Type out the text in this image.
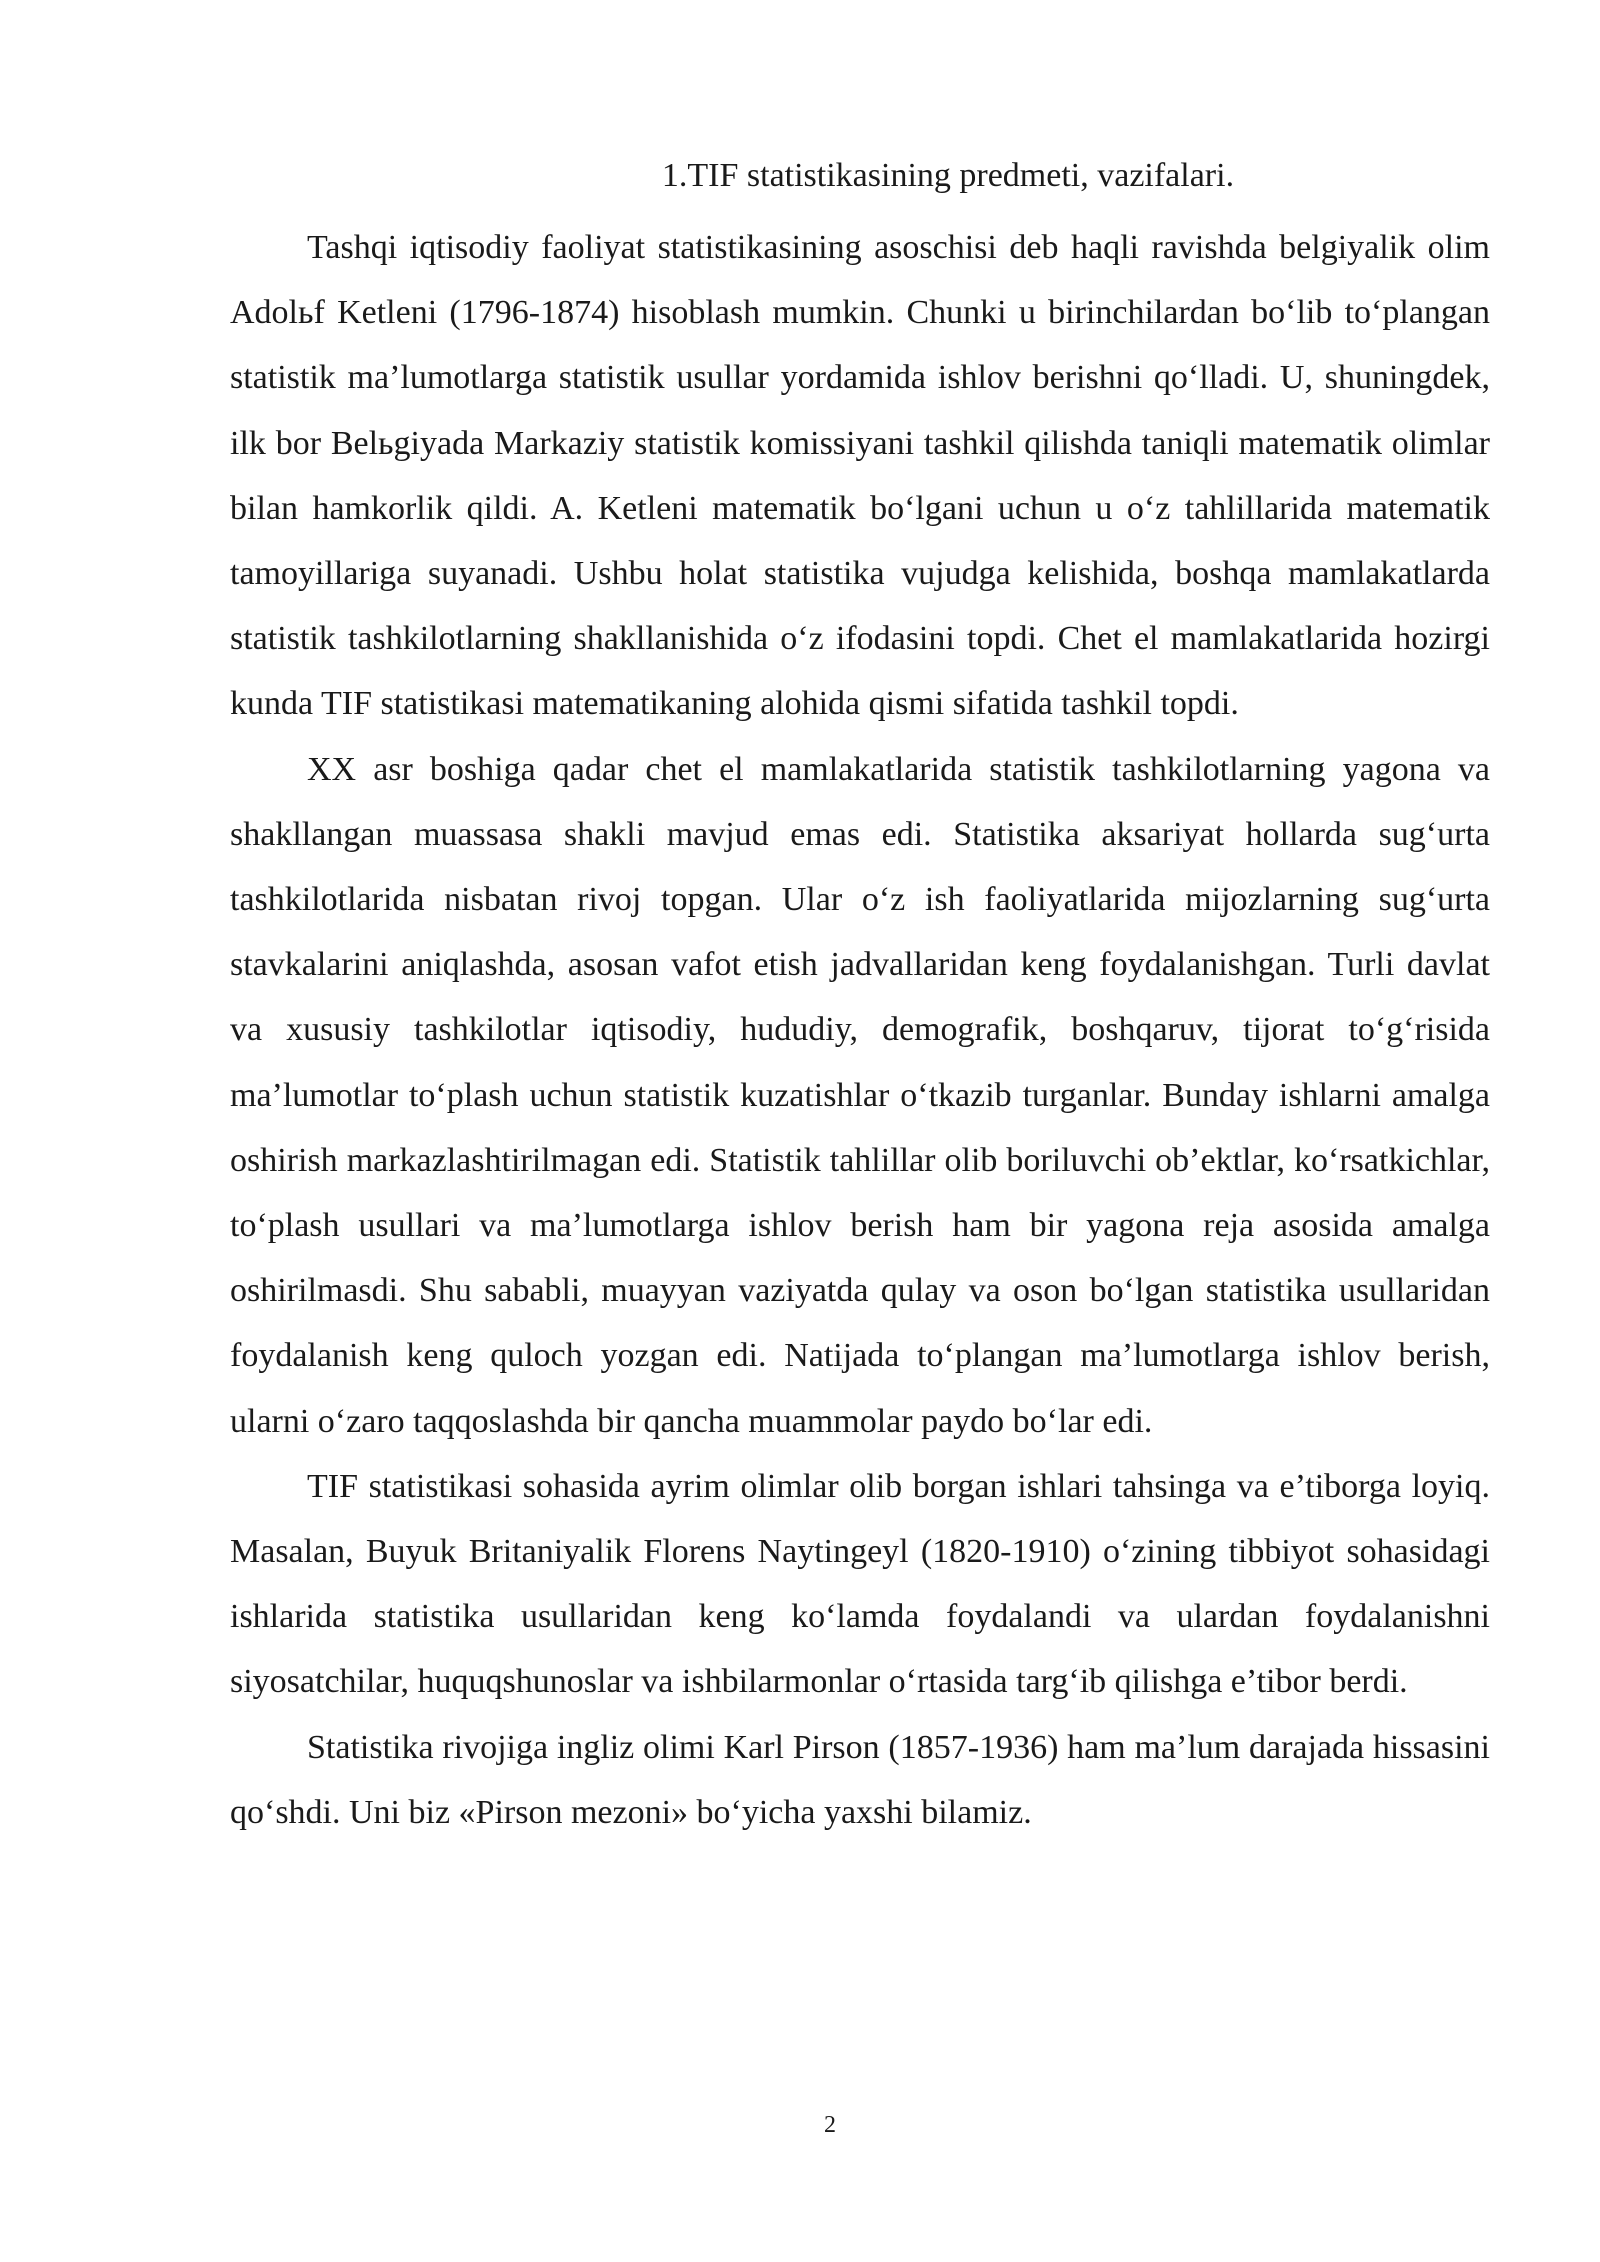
1.TIF statistikasining predmeti, vazifalari.

Tashqi iqtisodiy faoliyat statistikasining asoschisi deb haqli ravishda belgiyalik olim Adolьf Ketleni (1796-1874) hisoblash mumkin. Chunki u birinchilardan bo‘lib to‘plangan statistik ma’lumotlarga statistik usullar yordamida ishlov berishni qo‘lladi. U, shuningdek, ilk bor Belьgiyada Markaziy statistik komissiyani tashkil qilishda taniqli matematik olimlar bilan hamkorlik qildi. A. Ketleni matematik bo‘lgani uchun u o‘z tahlillarida matematik tamoyillariga suyanadi. Ushbu holat statistika vujudga kelishida, boshqa mamlakatlarda statistik tashkilotlarning shakllanishida o‘z ifodasini topdi. Chet el mamlakatlarida hozirgi kunda TIF statistikasi matematikaning alohida qismi sifatida tashkil topdi.

XX asr boshiga qadar chet el mamlakatlarida statistik tashkilotlarning yagona va shakllangan muassasa shakli mavjud emas edi. Statistika aksariyat hollarda sug‘urta tashkilotlarida nisbatan rivoj topgan. Ular o‘z ish faoliyatlarida mijozlarning sug‘urta stavkalarini aniqlashda, asosan vafot etish jadvallaridan keng foydalanishgan. Turli davlat va xususiy tashkilotlar iqtisodiy, hududiy, demografik, boshqaruv, tijorat to‘g‘risida ma’lumotlar to‘plash uchun statistik kuzatishlar o‘tkazib turganlar. Bunday ishlarni amalga oshirish markazlashtirilmagan edi. Statistik tahlillar olib boriluvchi ob’ektlar, ko‘rsatkichlar, to‘plash usullari va ma’lumotlarga ishlov berish ham bir yagona reja asosida amalga oshirilmasdi. Shu sababli, muayyan vaziyatda qulay va oson bo‘lgan statistika usullaridan foydalanish keng quloch yozgan edi. Natijada to‘plangan ma’lumotlarga ishlov berish, ularni o‘zaro taqqoslashda bir qancha muammolar paydo bo‘lar edi.

TIF statistikasi sohasida ayrim olimlar olib borgan ishlari tahsinga va e’tiborga loyiq. Masalan, Buyuk Britaniyalik Florens Naytingeyl (1820-1910) o‘zining tibbiyot sohasidagi ishlarida statistika usullaridan keng ko‘lamda foydalandi va ulardan foydalanishni siyosatchilar, huquqshunoslar va ishbilarmonlar o‘rtasida targ‘ib qilishga e’tibor berdi.

Statistika rivojiga ingliz olimi Karl Pirson (1857-1936) ham ma’lum darajada hissasini qo‘shdi. Uni biz «Pirson mezoni» bo‘yicha yaxshi bilamiz.

2
